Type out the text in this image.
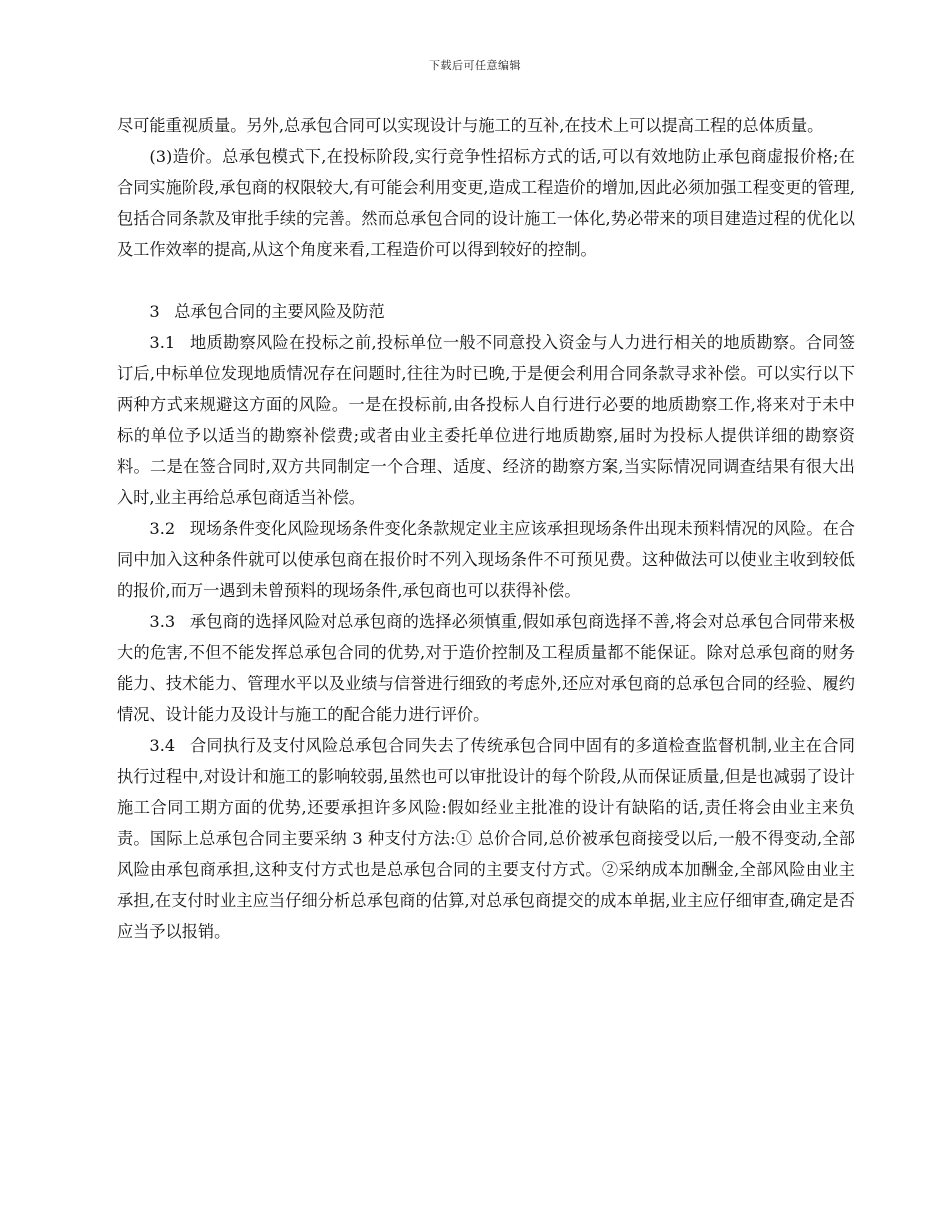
下载后可任意编辑

尽可能重视质量。另外,总承包合同可以实现设计与施工的互补,在技术上可以提高工程的总体质量。

(3)造价。总承包模式下,在投标阶段,实行竞争性招标方式的话,可以有效地防止承包商虚报价格;在合同实施阶段,承包商的权限较大,有可能会利用变更,造成工程造价的增加,因此必须加强工程变更的管理,包括合同条款及审批手续的完善。然而总承包合同的设计施工一体化,势必带来的项目建造过程的优化以及工作效率的提高,从这个角度来看,工程造价可以得到较好的控制。

3 总承包合同的主要风险及防范

3.1 地质勘察风险在投标之前,投标单位一般不同意投入资金与人力进行相关的地质勘察。合同签订后,中标单位发现地质情况存在问题时,往往为时已晚,于是便会利用合同条款寻求补偿。可以实行以下两种方式来规避这方面的风险。一是在投标前,由各投标人自行进行必要的地质勘察工作,将来对于未中标的单位予以适当的勘察补偿费;或者由业主委托单位进行地质勘察,届时为投标人提供详细的勘察资料。二是在签合同时,双方共同制定一个合理、适度、经济的勘察方案,当实际情况同调查结果有很大出入时,业主再给总承包商适当补偿。

3.2 现场条件变化风险现场条件变化条款规定业主应该承担现场条件出现未预料情况的风险。在合同中加入这种条件就可以使承包商在报价时不列入现场条件不可预见费。这种做法可以使业主收到较低的报价,而万一遇到未曾预料的现场条件,承包商也可以获得补偿。

3.3 承包商的选择风险对总承包商的选择必须慎重,假如承包商选择不善,将会对总承包合同带来极大的危害,不但不能发挥总承包合同的优势,对于造价控制及工程质量都不能保证。除对总承包商的财务能力、技术能力、管理水平以及业绩与信誉进行细致的考虑外,还应对承包商的总承包合同的经验、履约情况、设计能力及设计与施工的配合能力进行评价。

3.4 合同执行及支付风险总承包合同失去了传统承包合同中固有的多道检查监督机制,业主在合同执行过程中,对设计和施工的影响较弱,虽然也可以审批设计的每个阶段,从而保证质量,但是也减弱了设计施工合同工期方面的优势,还要承担许多风险:假如经业主批准的设计有缺陷的话,责任将会由业主来负责。国际上总承包合同主要采纳 3 种支付方法:① 总价合同,总价被承包商接受以后,一般不得变动,全部风险由承包商承担,这种支付方式也是总承包合同的主要支付方式。②采纳成本加酬金,全部风险由业主承担,在支付时业主应当仔细分析总承包商的估算,对总承包商提交的成本单据,业主应仔细审查,确定是否应当予以报销。
